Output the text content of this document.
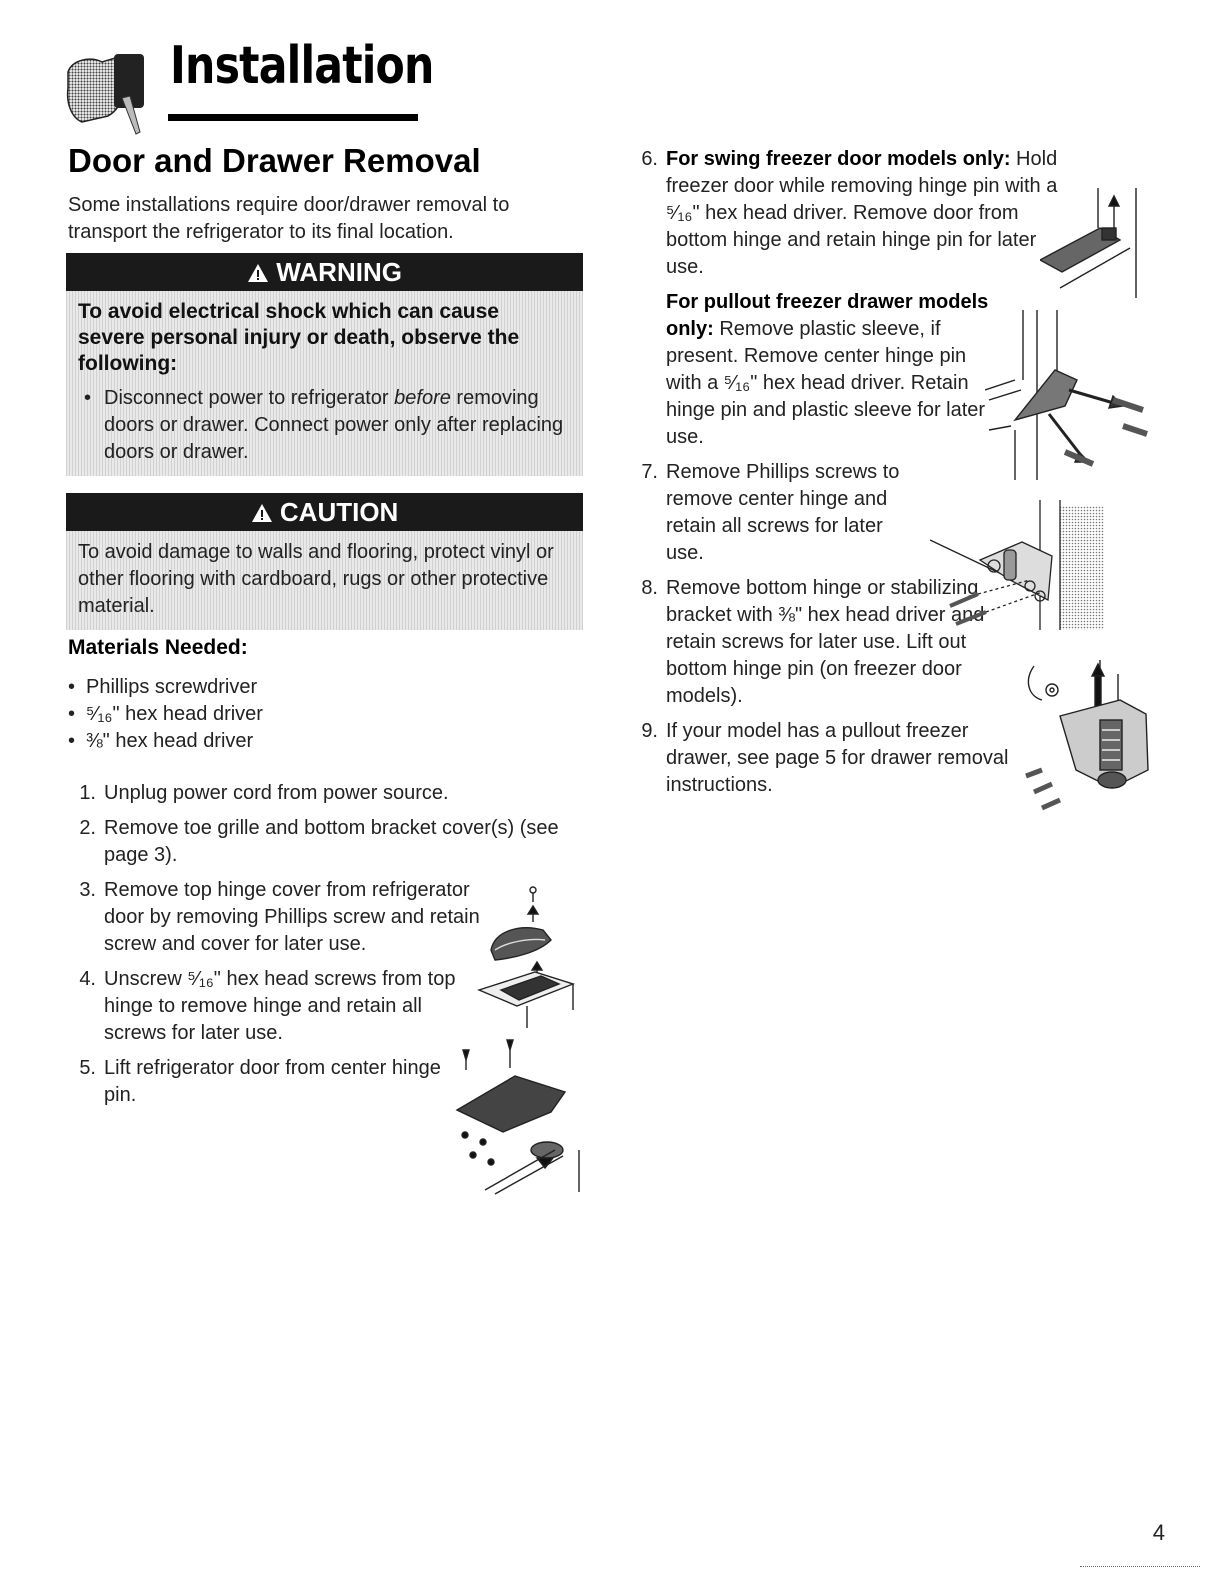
Installation
Door and Drawer Removal
Some installations require door/drawer removal to transport the refrigerator to its final location.
WARNING
To avoid electrical shock which can cause severe personal injury or death, observe the following:
• Disconnect power to refrigerator before removing doors or drawer. Connect power only after replacing doors or drawer.
CAUTION
To avoid damage to walls and flooring, protect vinyl or other flooring with cardboard, rugs or other protective material.
Materials Needed:
• Phillips screwdriver
• ⁵⁄₁₆" hex head driver
• ⅜" hex head driver
1. Unplug power cord from power source.
2. Remove toe grille and bottom bracket cover(s) (see page 3).
3. Remove top hinge cover from refrigerator door by removing Phillips screw and retain screw and cover for later use.
4. Unscrew ⁵⁄₁₆" hex head screws from top hinge to remove hinge and retain all screws for later use.
5. Lift refrigerator door from center hinge pin.
6. For swing freezer door models only: Hold freezer door while removing hinge pin with a ⁵⁄₁₆" hex head driver. Remove door from bottom hinge and retain hinge pin for later use.
For pullout freezer drawer models only: Remove plastic sleeve, if present. Remove center hinge pin with a ⁵⁄₁₆" hex head driver. Retain hinge pin and plastic sleeve for later use.
7. Remove Phillips screws to remove center hinge and retain all screws for later use.
8. Remove bottom hinge or stabilizing bracket with ⅜" hex head driver and retain screws for later use. Lift out bottom hinge pin (on freezer door models).
9. If your model has a pullout freezer drawer, see page 5 for drawer removal instructions.
4
